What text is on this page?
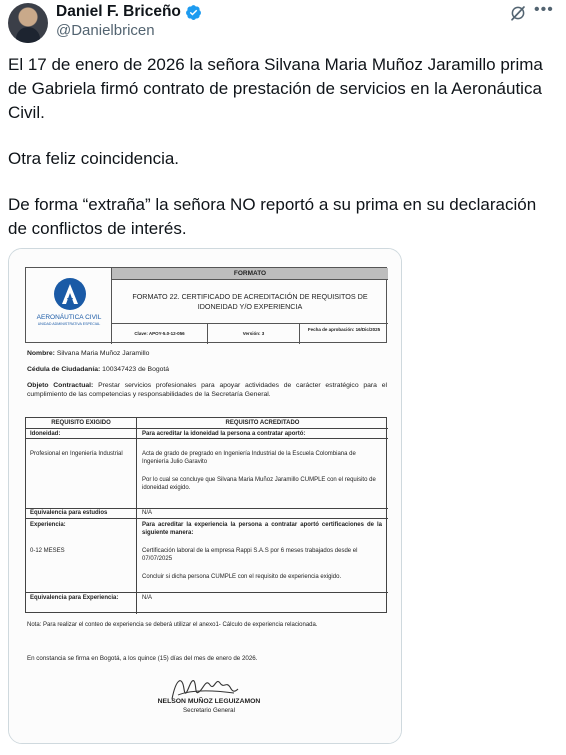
Daniel F. Briceño
@Danielbricen
•••

El 17 de enero de 2026 la señora Silvana Maria Muñoz Jaramillo prima de Gabriela firmó contrato de prestación de servicios en la Aeronáutica Civil.

Otra feliz coincidencia.

De forma “extraña” la señora NO reportó a su prima en su declaración de conflictos de interés.

AERONÁUTICA CIVIL
UNIDAD ADMINISTRATIVA ESPECIAL
FORMATO
FORMATO 22. CERTIFICADO DE ACREDITACIÓN DE REQUISITOS DE IDONEIDAD Y/O EXPERIENCIA
Clave: APOY-5.0-12-056	Versión: 3
Fecha de aprobación: 16/Dic/2025
Nombre: Silvana Maria Muñoz Jaramillo
Cédula de Ciudadanía: 100347423 de Bogotá
Objeto Contractual: Prestar servicios profesionales para apoyar actividades de carácter estratégico para el cumplimiento de las competencias y responsabilidades de la Secretaría General.
REQUISITO EXIGIDO	REQUISITO ACREDITADO
Idoneidad:	Para acreditar la idoneidad la persona a contratar aportó:
Profesional en Ingeniería Industrial	Acta de grado de pregrado en Ingeniería Industrial de la Escuela Colombiana de Ingeniería Julio Garavito
Por lo cual se concluye que Silvana Maria Muñoz Jaramillo CUMPLE con el requisito de idoneidad exigido.
Equivalencia para estudios	N/A
Experiencia:	Para acreditar la experiencia la persona a contratar aportó certificaciones de la siguiente manera:
0-12 MESES	Certificación laboral de la empresa Rappi S.A.S por 6 meses trabajados desde el 07/07/2025
Concluir si dicha persona CUMPLE con el requisito de experiencia exigido.
Equivalencia para Experiencia:	N/A
Nota: Para realizar el conteo de experiencia se deberá utilizar el anexo1- Cálculo de experiencia relacionada.
En constancia se firma en Bogotá, a los quince (15) días del mes de enero de 2026.
NELSON MUÑOZ LEGUIZAMON
Secretario General
